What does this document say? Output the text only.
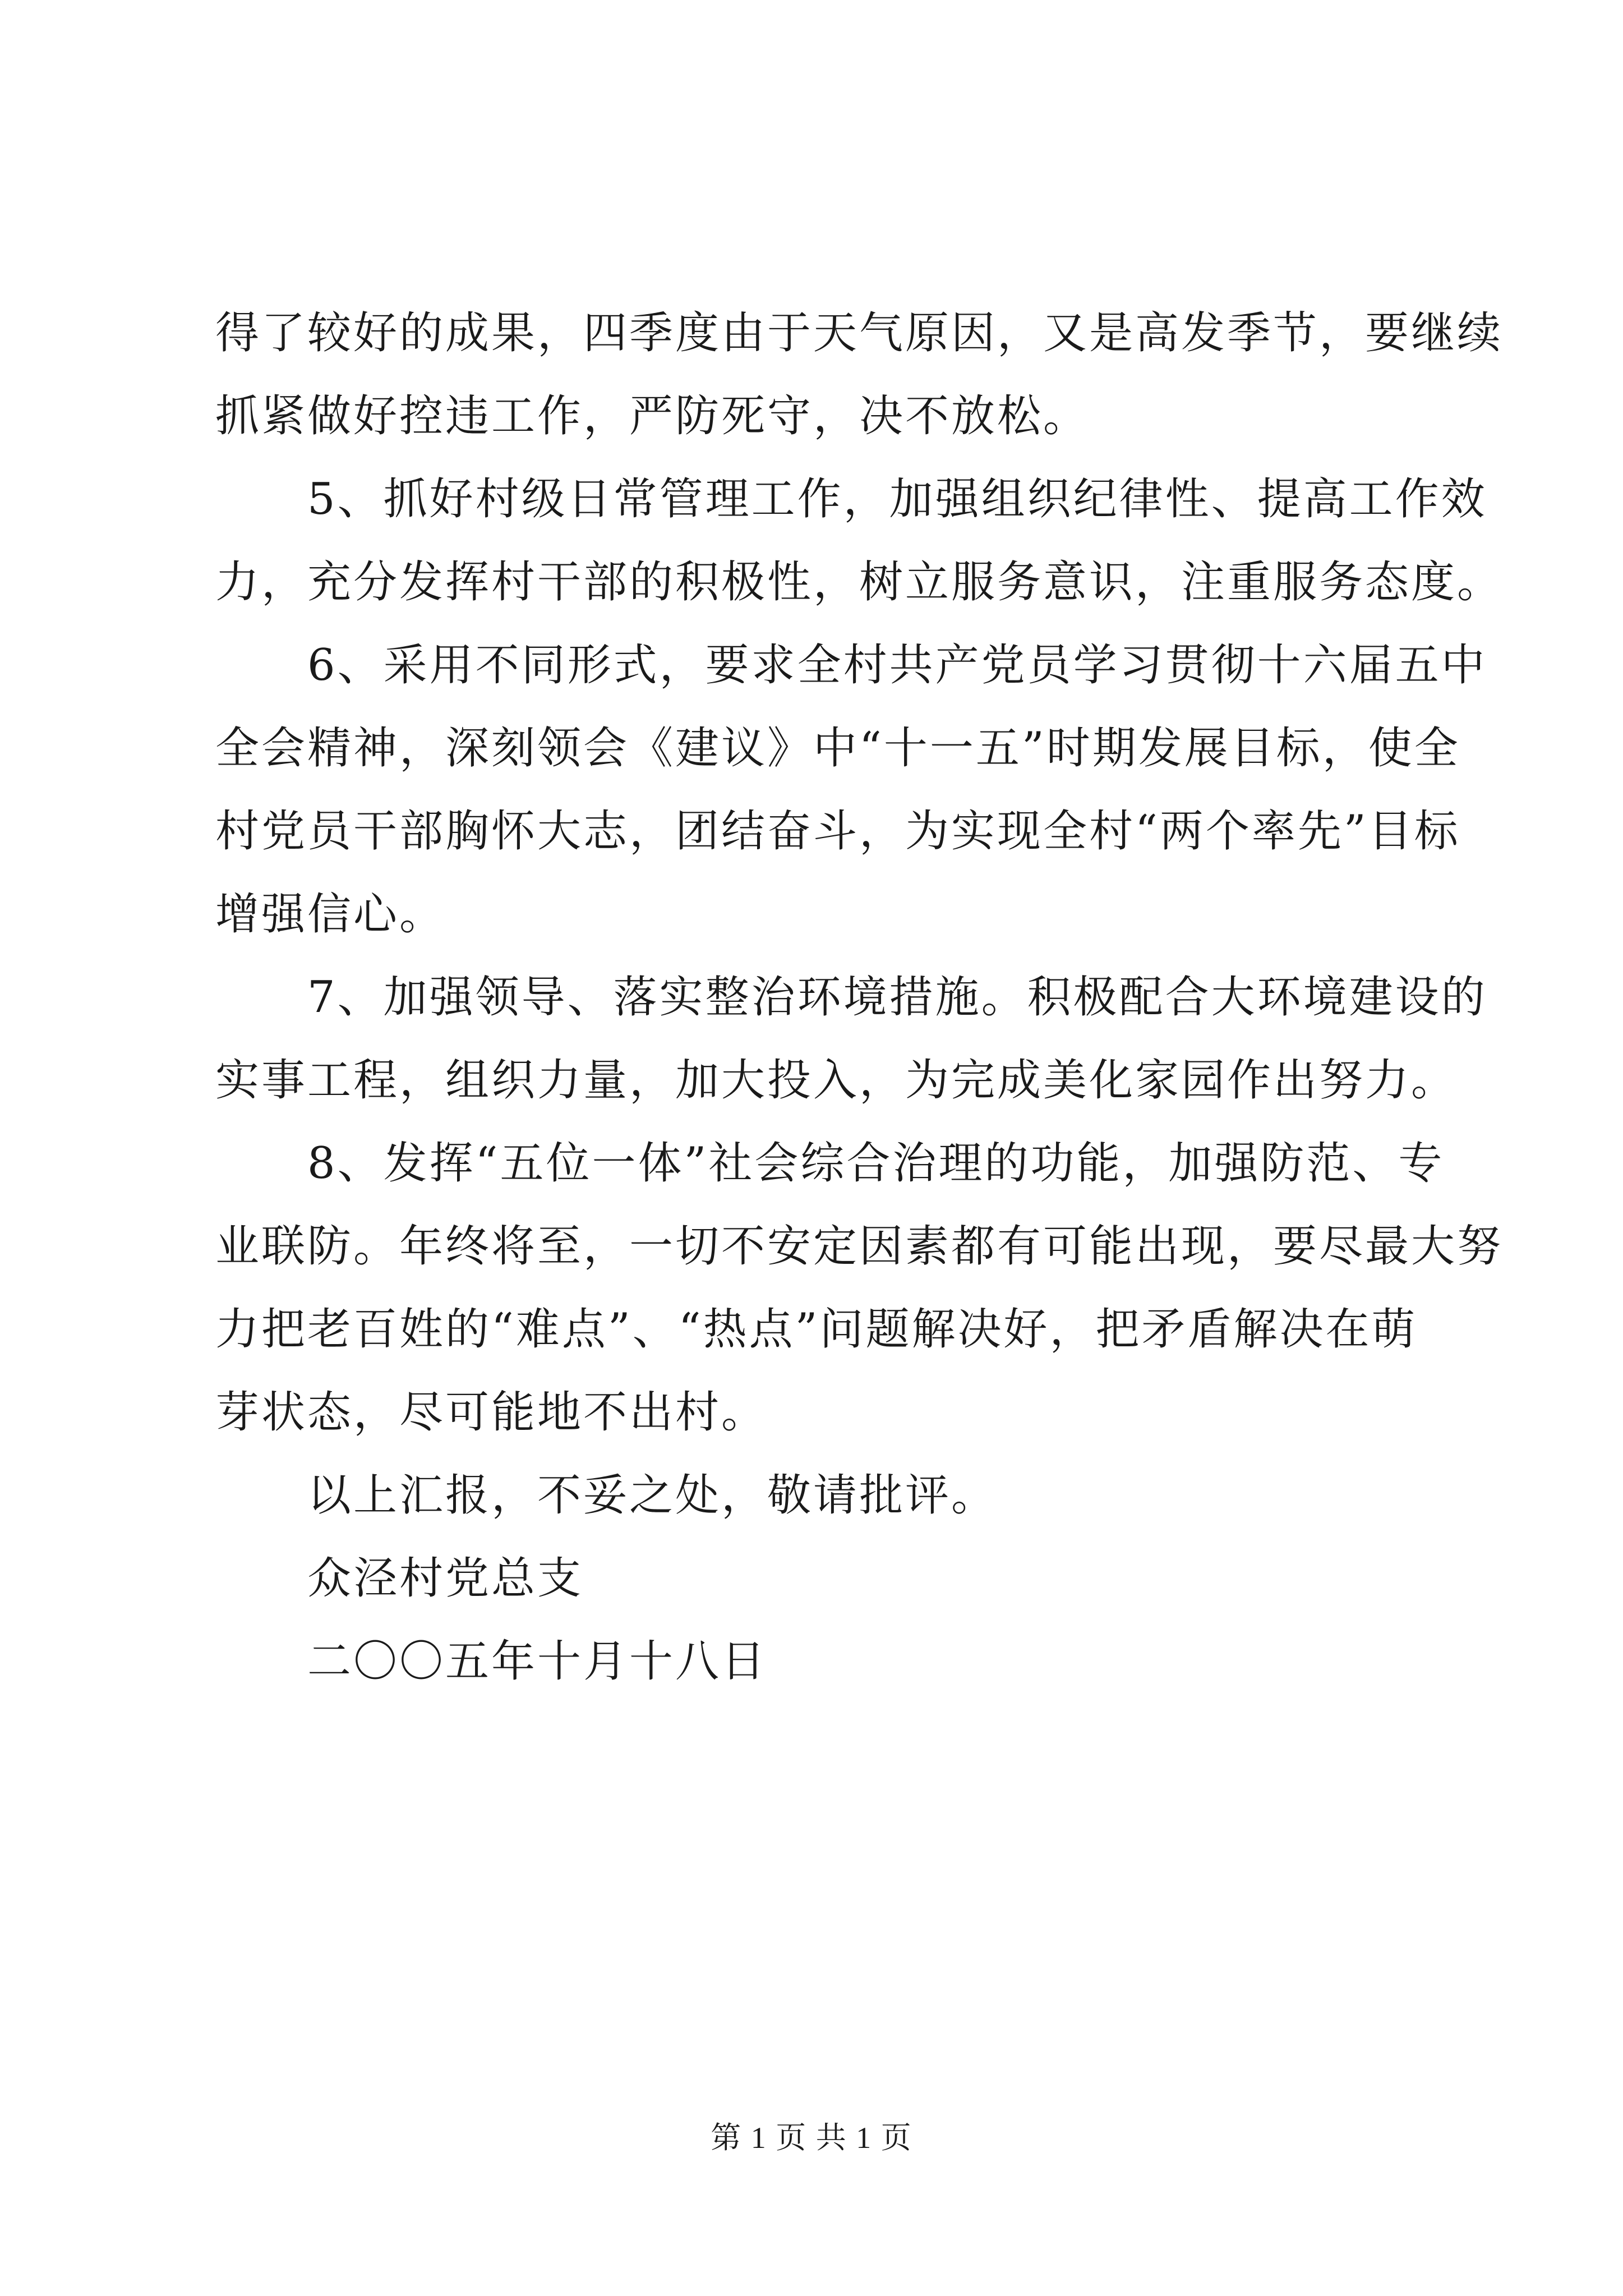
得了较好的成果，四季度由于天气原因，又是高发季节，要继续
抓紧做好控违工作，严防死守，决不放松。
5、抓好村级日常管理工作，加强组织纪律性、提高工作效
力，充分发挥村干部的积极性，树立服务意识，注重服务态度。
6、采用不同形式，要求全村共产党员学习贯彻十六届五中
全会精神，深刻领会《建议》中“十一五”时期发展目标，使全
村党员干部胸怀大志，团结奋斗，为实现全村“两个率先”目标
增强信心。
7、加强领导、落实整治环境措施。积极配合大环境建设的
实事工程，组织力量，加大投入，为完成美化家园作出努力。
8、发挥“五位一体”社会综合治理的功能，加强防范、专
业联防。年终将至，一切不安定因素都有可能出现，要尽最大努
力把老百姓的“难点”、“热点”问题解决好，把矛盾解决在萌
芽状态，尽可能地不出村。
以上汇报，不妥之处，敬请批评。
众泾村党总支
二〇〇五年十月十八日
第 1 页 共 1 页
